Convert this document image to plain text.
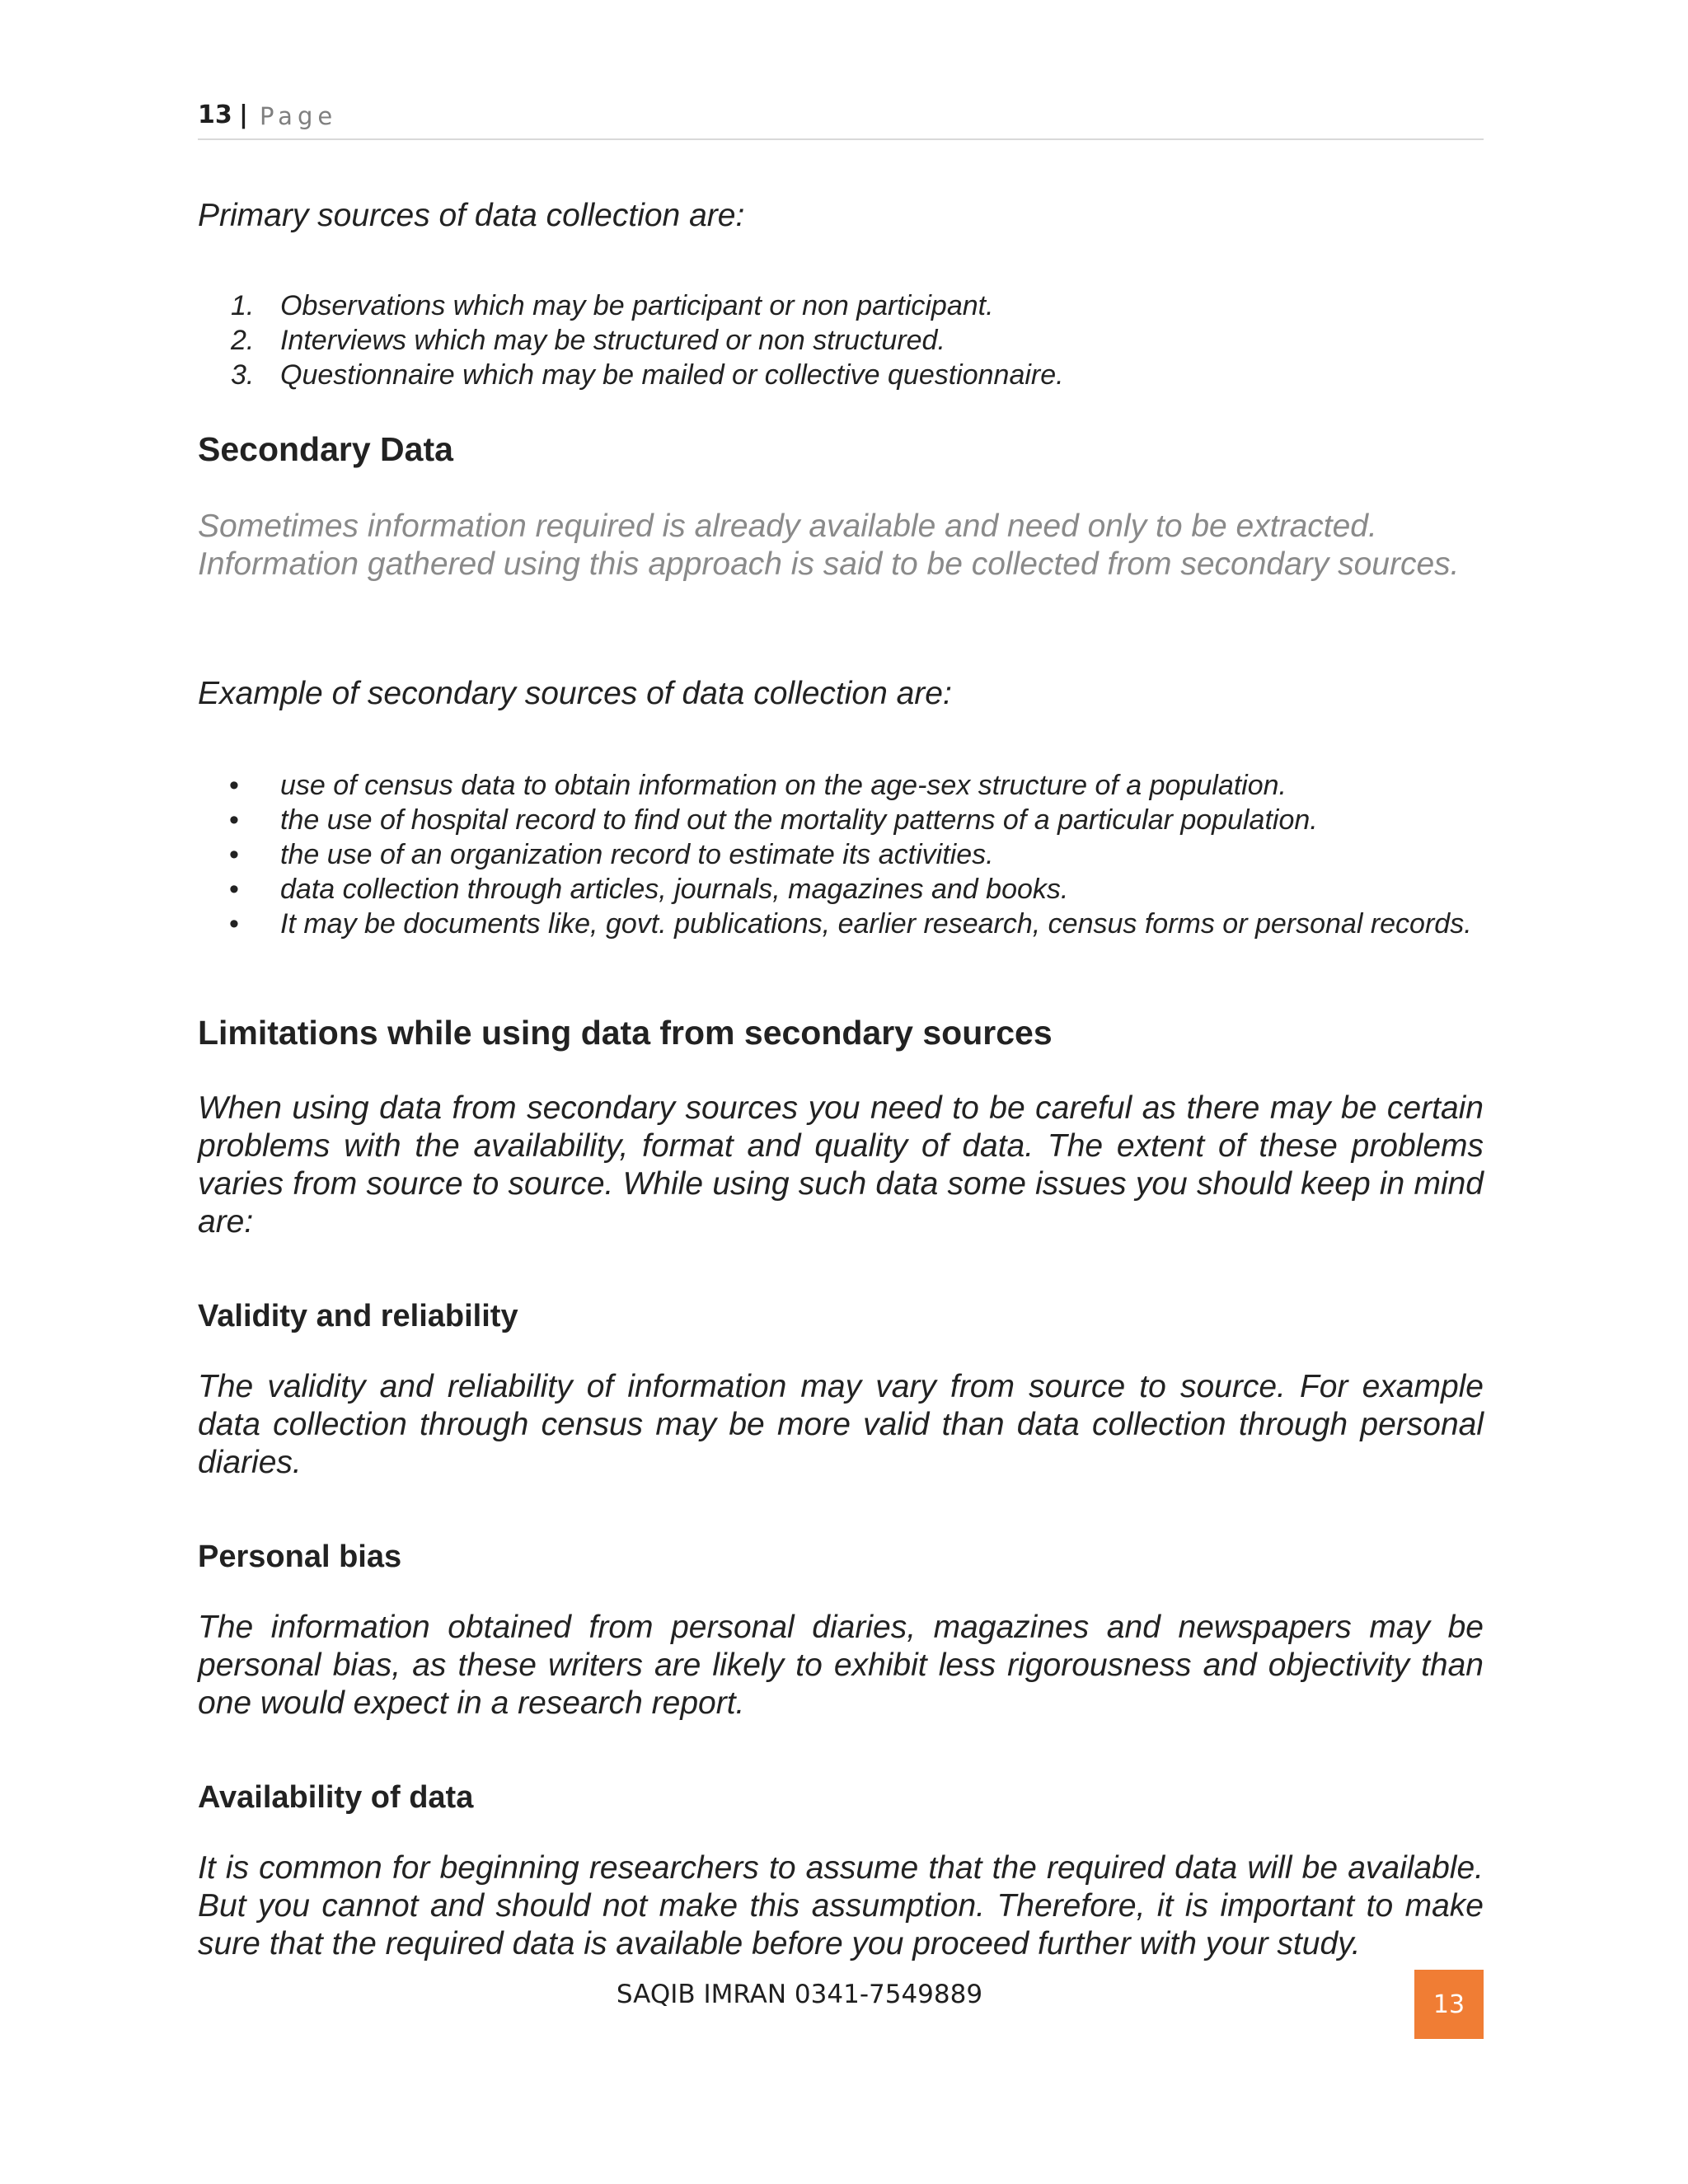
13 | Page
Primary sources of data collection are:
1. Observations which may be participant or non participant.
2. Interviews which may be structured or non structured.
3. Questionnaire which may be mailed or collective questionnaire.
Secondary Data

Sometimes information required is already available and need only to be extracted. Information gathered using this approach is said to be collected from secondary sources.

Example of secondary sources of data collection are:
• use of census data to obtain information on the age-sex structure of a population.
• the use of hospital record to find out the mortality patterns of a particular population.
• the use of an organization record to estimate its activities.
• data collection through articles, journals, magazines and books.
• It may be documents like, govt. publications, earlier research, census forms or personal records.
Limitations while using data from secondary sources

When using data from secondary sources you need to be careful as there may be certain problems with the availability, format and quality of data. The extent of these problems varies from source to source. While using such data some issues you should keep in mind are:

Validity and reliability

The validity and reliability of information may vary from source to source. For example data collection through census may be more valid than data collection through personal diaries.

Personal bias

The information obtained from personal diaries, magazines and newspapers may be personal bias, as these writers are likely to exhibit less rigorousness and objectivity than one would expect in a research report.

Availability of data

It is common for beginning researchers to assume that the required data will be available. But you cannot and should not make this assumption. Therefore, it is important to make sure that the required data is available before you proceed further with your study.

SAQIB IMRAN 0341-7549889	13
